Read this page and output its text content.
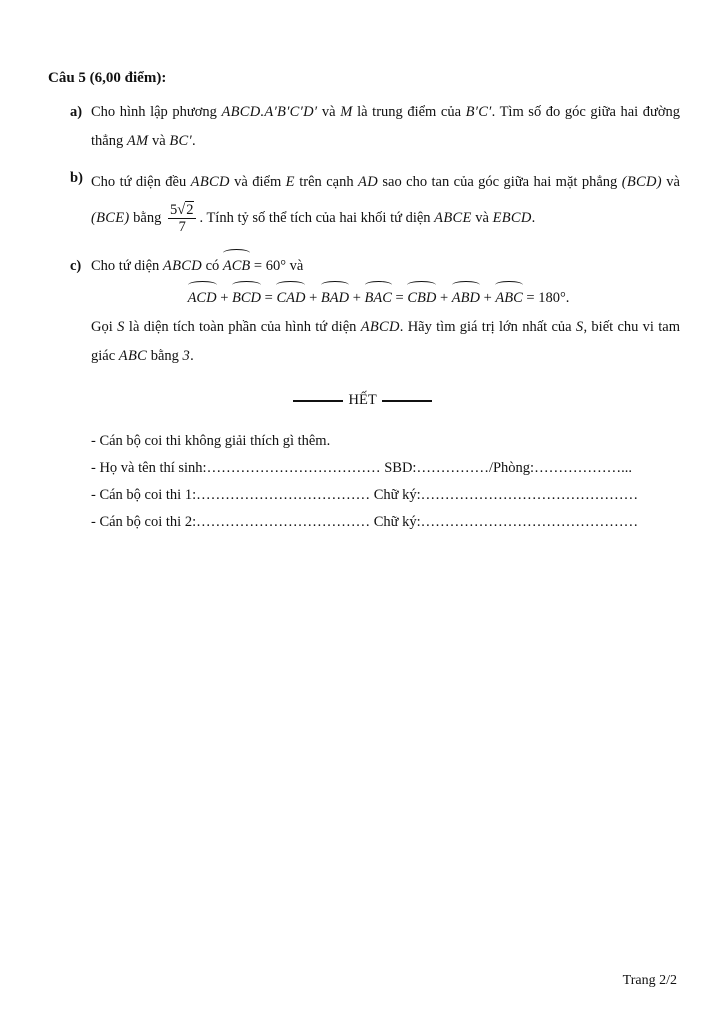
Câu 5 (6,00 điểm):
a) Cho hình lập phương ABCD.A′B′C′D′ và M là trung điểm của B′C′. Tìm số đo góc giữa hai đường thẳng AM và BC′.
b) Cho tứ diện đều ABCD và điểm E trên cạnh AD sao cho tan của góc giữa hai mặt phẳng (BCD) và (BCE) bằng $\frac{5√2}{7}$ . Tính tỷ số thể tích của hai khối tứ diện ABCE và EBCD.
c) Cho tứ diện ABCD có ACB = 60° và
ACD + BCD = CAD + BAD + BAC = CBD + ABD + ABC = 180°.
Gọi S là diện tích toàn phần của hình tứ diện ABCD. Hãy tìm giá trị lớn nhất của S, biết chu vi tam giác ABC bằng 3.
HẾT
- Cán bộ coi thi không giải thích gì thêm.
- Họ và tên thí sinh:……………………………… SBD:……………/Phòng:………………...
- Cán bộ coi thi 1:……………………………… Chữ ký:………………………………………
- Cán bộ coi thi 2:……………………………… Chữ ký:………………………………………
Trang 2/2
